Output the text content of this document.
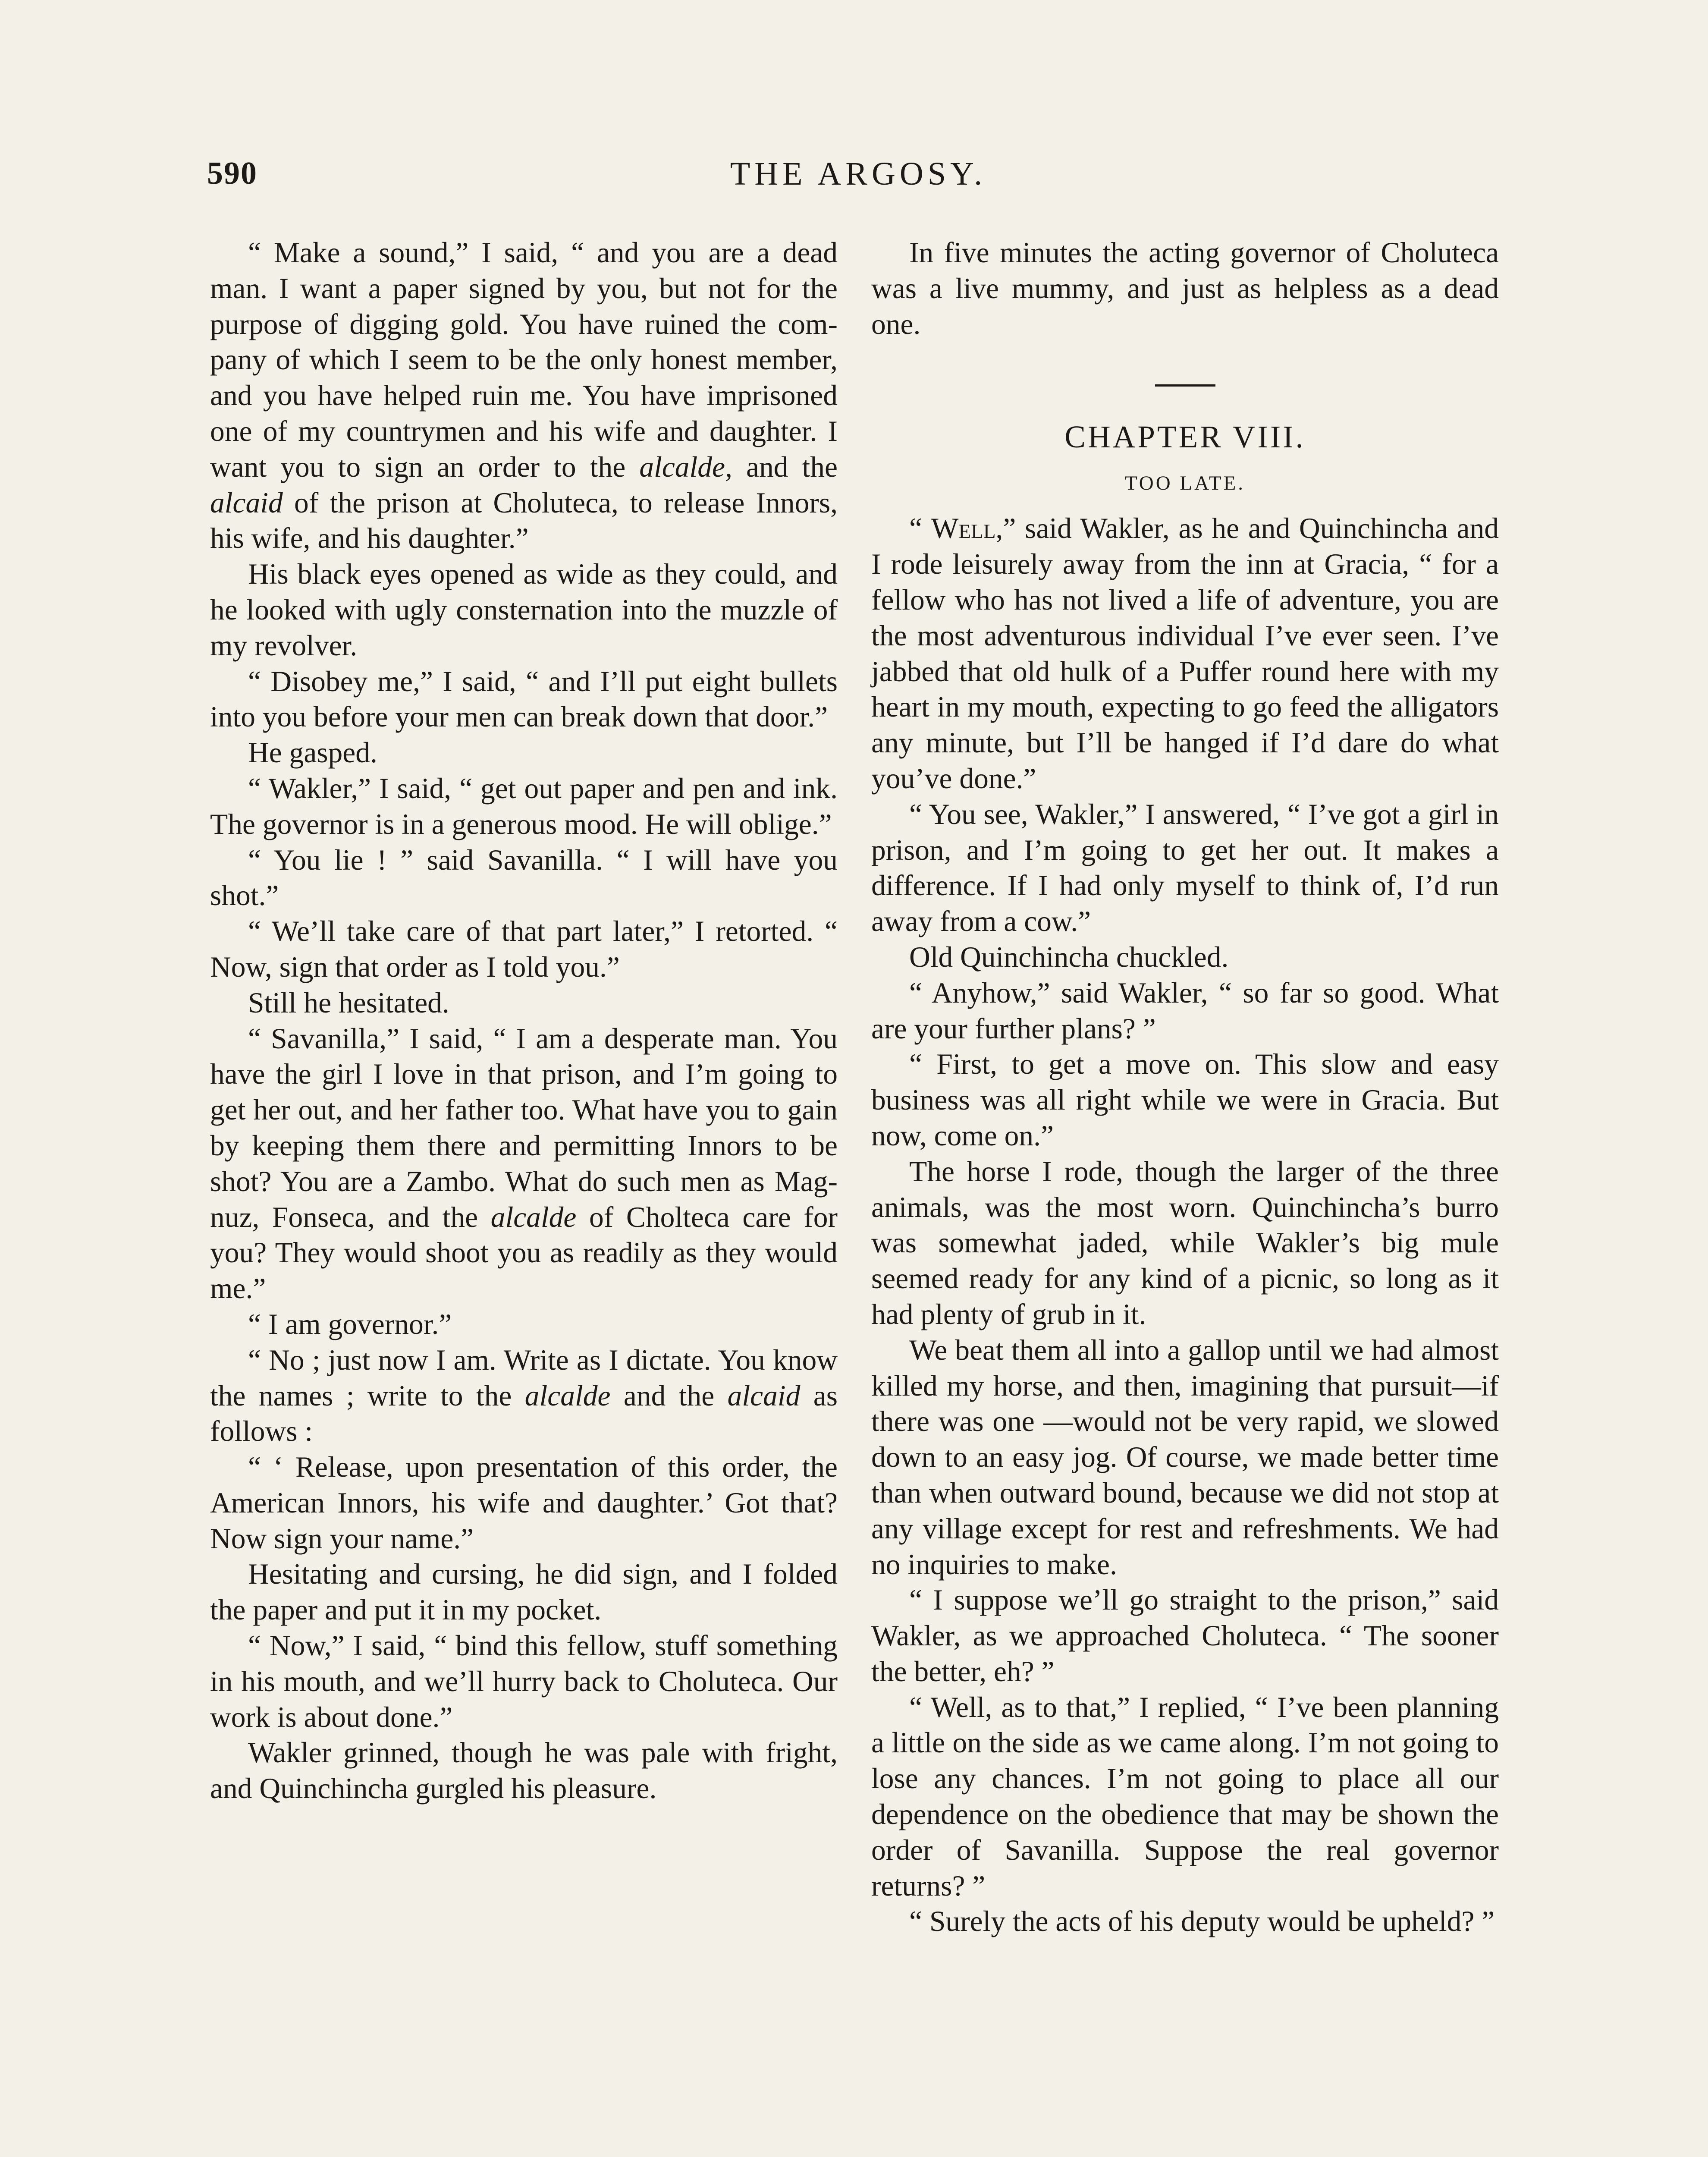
590	THE ARGOSY.

“ Make a sound,” I said, “ and you are a dead man. I want a paper signed by you, but not for the purpose of digging gold. You have ruined the company of which I seem to be the only honest member, and you have helped ruin me. You have imprisoned one of my countrymen and his wife and daughter. I want you to sign an order to the alcalde, and the alcaid of the prison at Choluteca, to release Innors, his wife, and his daughter.”

His black eyes opened as wide as they could, and he looked with ugly consternation into the muzzle of my revolver.

“ Disobey me,” I said, “ and I’ll put eight bullets into you before your men can break down that door.”

He gasped.

“ Wakler,” I said, “ get out paper and pen and ink. The governor is in a generous mood. He will oblige.”

“ You lie ! ” said Savanilla. “ I will have you shot.”

“ We’ll take care of that part later,” I retorted. “ Now, sign that order as I told you.”

Still he hesitated.

“ Savanilla,” I said, “ I am a desperate man. You have the girl I love in that prison, and I’m going to get her out, and her father too. What have you to gain by keeping them there and permitting Innors to be shot? You are a Zambo. What do such men as Magnuz, Fonseca, and the alcalde of Cholteca care for you? They would shoot you as readily as they would me.”

“ I am governor.”

“ No ; just now I am. Write as I dictate. You know the names ; write to the alcalde and the alcaid as follows :

“ ‘ Release, upon presentation of this order, the American Innors, his wife and daughter.’ Got that? Now sign your name.”

Hesitating and cursing, he did sign, and I folded the paper and put it in my pocket.

“ Now,” I said, “ bind this fellow, stuff something in his mouth, and we’ll hurry back to Choluteca. Our work is about done.”

Wakler grinned, though he was pale with fright, and Quinchincha gurgled his pleasure.

In five minutes the acting governor of Choluteca was a live mummy, and just as helpless as a dead one.

CHAPTER VIII.
TOO LATE.

“ Well,” said Wakler, as he and Quinchincha and I rode leisurely away from the inn at Gracia, “ for a fellow who has not lived a life of adventure, you are the most adventurous individual I’ve ever seen. I’ve jabbed that old hulk of a Puffer round here with my heart in my mouth, expecting to go feed the alligators any minute, but I’ll be hanged if I’d dare do what you’ve done.”

“ You see, Wakler,” I answered, “ I’ve got a girl in prison, and I’m going to get her out. It makes a difference. If I had only myself to think of, I’d run away from a cow.”

Old Quinchincha chuckled.

“ Anyhow,” said Wakler, “ so far so good. What are your further plans? ”

“ First, to get a move on. This slow and easy business was all right while we were in Gracia. But now, come on.”

The horse I rode, though the larger of the three animals, was the most worn. Quinchincha’s burro was somewhat jaded, while Wakler’s big mule seemed ready for any kind of a picnic, so long as it had plenty of grub in it.

We beat them all into a gallop until we had almost killed my horse, and then, imagining that pursuit—if there was one —would not be very rapid, we slowed down to an easy jog. Of course, we made better time than when outward bound, because we did not stop at any village except for rest and refreshments. We had no inquiries to make.

“ I suppose we’ll go straight to the prison,” said Wakler, as we approached Choluteca. “ The sooner the better, eh? ”

“ Well, as to that,” I replied, “ I’ve been planning a little on the side as we came along. I’m not going to lose any chances. I’m not going to place all our dependence on the obedience that may be shown the order of Savanilla. Suppose the real governor returns? ”

“ Surely the acts of his deputy would be upheld? ”
